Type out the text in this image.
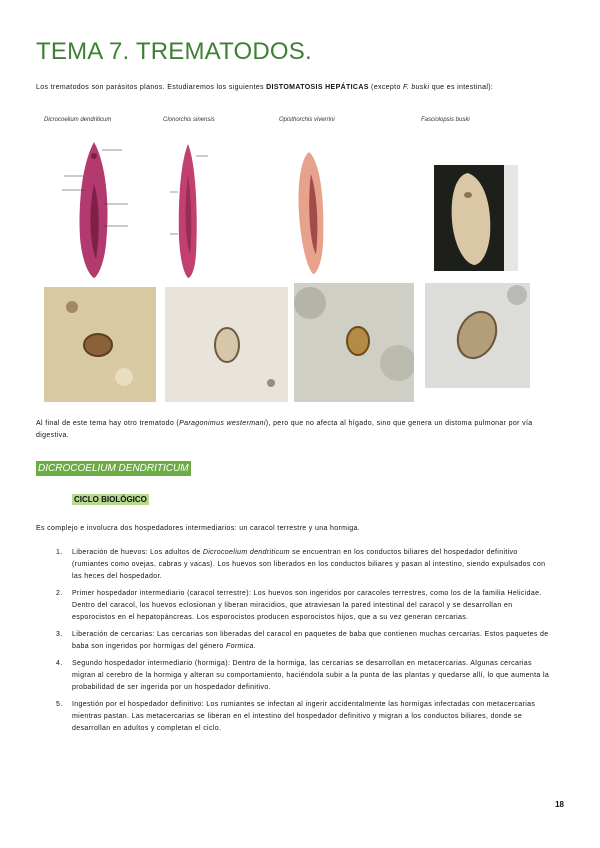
TEMA 7. TREMATODOS.
Los trematodos son parásitos planos. Estudiaremos los siguientes DISTOMATOSIS HEPÁTICAS (excepto F. buski que es intestinal):
Dicrocoelium dendriticum	Clonorchis sinensis	Opisthorchis viverrini	Fasciolopsis buski
Al final de este tema hay otro trematodo (Paragonimus westermani), pero que no afecta al hígado, sino que genera un distoma pulmonar por vía digestiva.
DICROCOELIUM DENDRITICUM
CICLO BIOLÓGICO
Es complejo e involucra dos hospedadores intermediarios: un caracol terrestre y una hormiga.
1. Liberación de huevos: Los adultos de Dicrocoelium dendriticum se encuentran en los conductos biliares del hospedador definitivo (rumiantes como ovejas, cabras y vacas). Los huevos son liberados en los conductos biliares y pasan al intestino, siendo expulsados con las heces del hospedador.
2. Primer hospedador intermediario (caracol terrestre): Los huevos son ingeridos por caracoles terrestres, como los de la familia Helicidae. Dentro del caracol, los huevos eclosionan y liberan miracidios, que atraviesan la pared intestinal del caracol y se desarrollan en esporocistos en el hepatopáncreas. Los esporocistos producen esporocistos hijos, que a su vez generan cercarias.
3. Liberación de cercarias: Las cercarias son liberadas del caracol en paquetes de baba que contienen muchas cercarias. Estos paquetes de baba son ingeridos por hormigas del género Formica.
4. Segundo hospedador intermediario (hormiga): Dentro de la hormiga, las cercarias se desarrollan en metacercarias. Algunas cercarias migran al cerebro de la hormiga y alteran su comportamiento, haciéndola subir a la punta de las plantas y quedarse allí, lo que aumenta la probabilidad de ser ingerida por un hospedador definitivo.
5. Ingestión por el hospedador definitivo: Los rumiantes se infectan al ingerir accidentalmente las hormigas infectadas con metacercarias mientras pastan. Las metacercarias se liberan en el intestino del hospedador definitivo y migran a los conductos biliares, donde se desarrollan en adultos y completan el ciclo.
18
